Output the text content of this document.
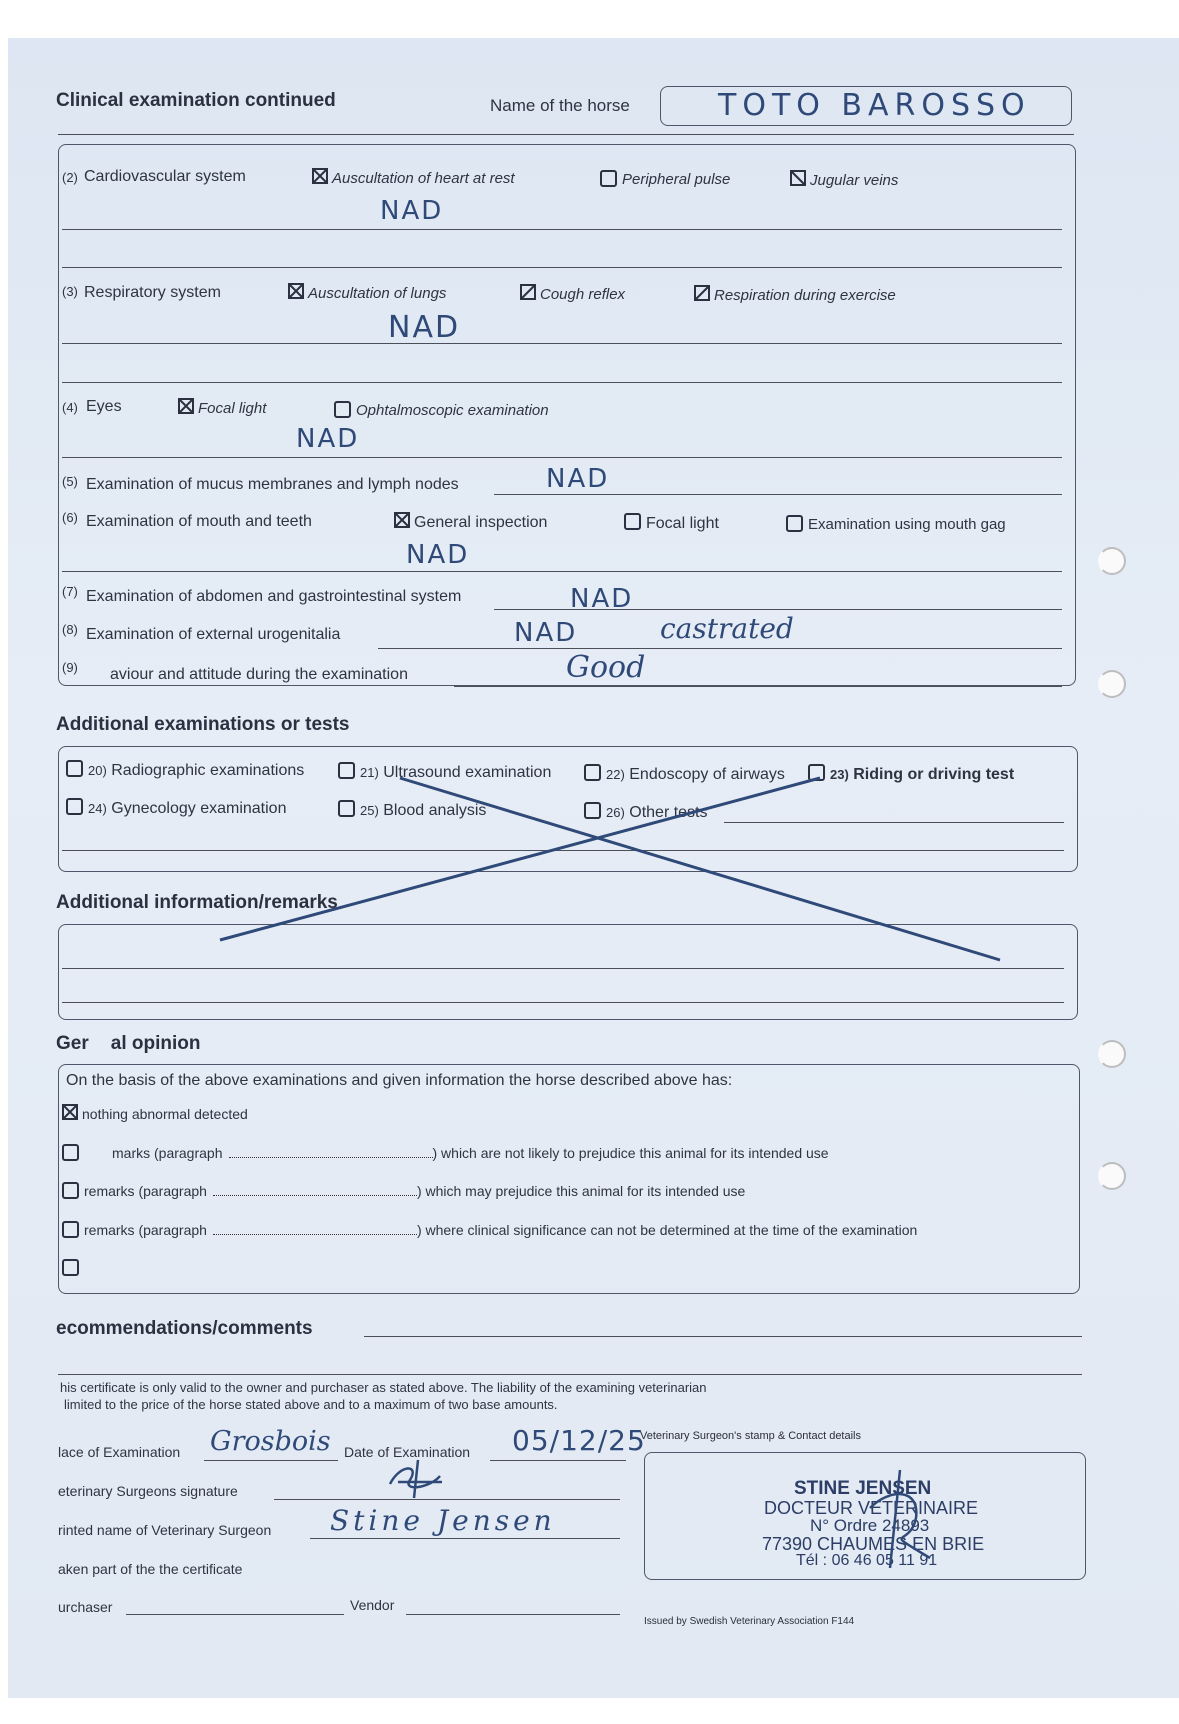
Clinical examination continued	Name of the horse	TOTO BAROSSO
(2) Cardiovascular system	Auscultation of heart at rest	Peripheral pulse	Jugular veins
NAD
(3) Respiratory system	Auscultation of lungs	Cough reflex	Respiration during exercise
NAD
(4) Eyes	Focal light	Ophtalmoscopic examination
NAD
(5) Examination of mucus membranes and lymph nodes	NAD
(6) Examination of mouth and teeth	General inspection	Focal light	Examination using mouth gag
NAD
(7) Examination of abdomen and gastrointestinal system	NAD
(8) Examination of external urogenitalia	NAD	castrated
(9) aviour and attitude during the examination	Good
Additional examinations or tests
20) Radiographic examinations	21) Ultrasound examination	22) Endoscopy of airways	23) Riding or driving test
24) Gynecology examination	25) Blood analysis	26) Other tests
Additional information/remarks
Ger al opinion
On the basis of the above examinations and given information the horse described above has:
nothing abnormal detected
marks (paragraph	) which are not likely to prejudice this animal for its intended use
remarks (paragraph	) which may prejudice this animal for its intended use
remarks (paragraph	) where clinical significance can not be determined at the time of the examination
ecommendations/comments
his certificate is only valid to the owner and purchaser as stated above. The liability of the examining veterinarian
limited to the price of the horse stated above and to a maximum of two base amounts.
lace of Examination Grosbois Date of Examination 05/12/25
Veterinary Surgeon's stamp & Contact details
eterinary Surgeons signature
rinted name of Veterinary Surgeon Stine Jensen
aken part of the the certificate
urchaser	Vendor
STINE JENSEN
DOCTEUR VETERINAIRE
N° Ordre 24893
77390 CHAUMES EN BRIE
Tél : 06 46 05 11 91
Issued by Swedish Veterinary Association F144
